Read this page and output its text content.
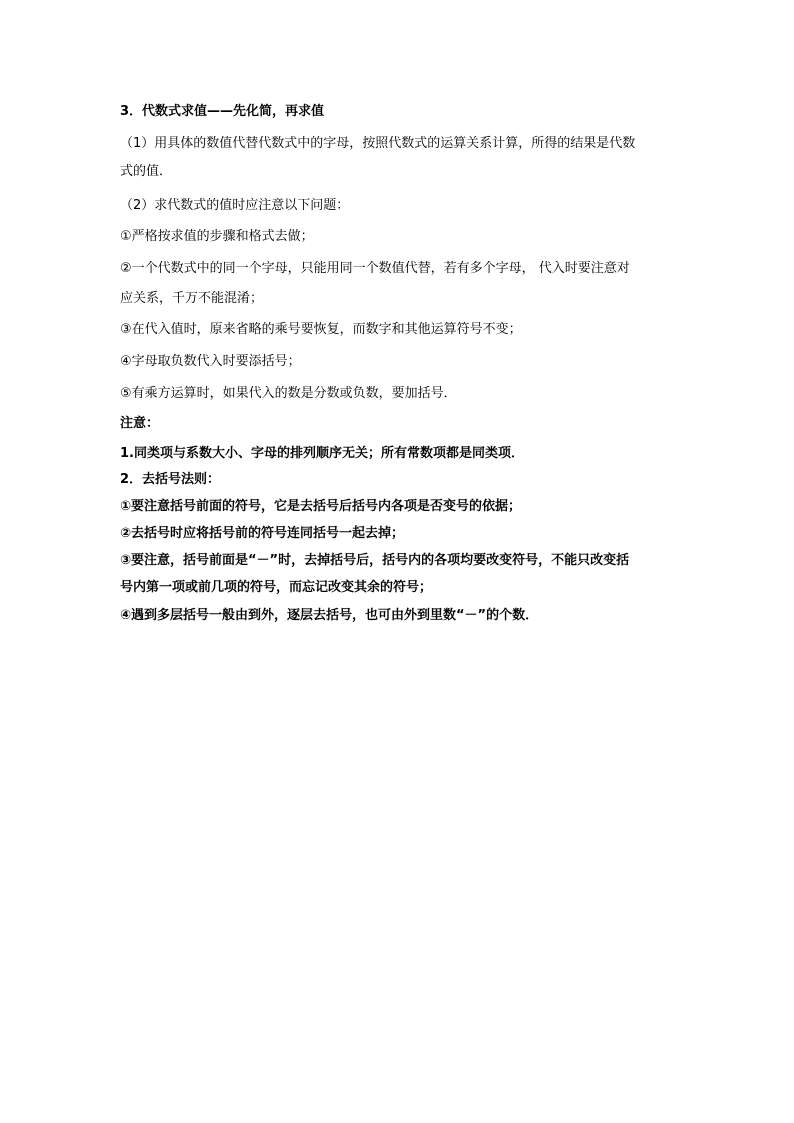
3．代数式求值——先化简，再求值
（1）用具体的数值代替代数式中的字母，按照代数式的运算关系计算，所得的结果是代数
式的值．
（2）求代数式的值时应注意以下问题：
①严格按求值的步骤和格式去做；
②一个代数式中的同一个字母，只能用同一个数值代替，若有多个字母， 代入时要注意对
应关系，千万不能混淆；
③在代入值时，原来省略的乘号要恢复，而数字和其他运算符号不变；
④字母取负数代入时要添括号；
⑤有乘方运算时，如果代入的数是分数或负数，要加括号．
注意：
1.同类项与系数大小、字母的排列顺序无关；所有常数项都是同类项．
2．去括号法则：
①要注意括号前面的符号，它是去括号后括号内各项是否变号的依据；
②去括号时应将括号前的符号连同括号一起去掉；
③要注意，括号前面是“－”时，去掉括号后，括号内的各项均要改变符号，不能只改变括
号内第一项或前几项的符号，而忘记改变其余的符号；
④遇到多层括号一般由到外，逐层去括号，也可由外到里数“－”的个数．
